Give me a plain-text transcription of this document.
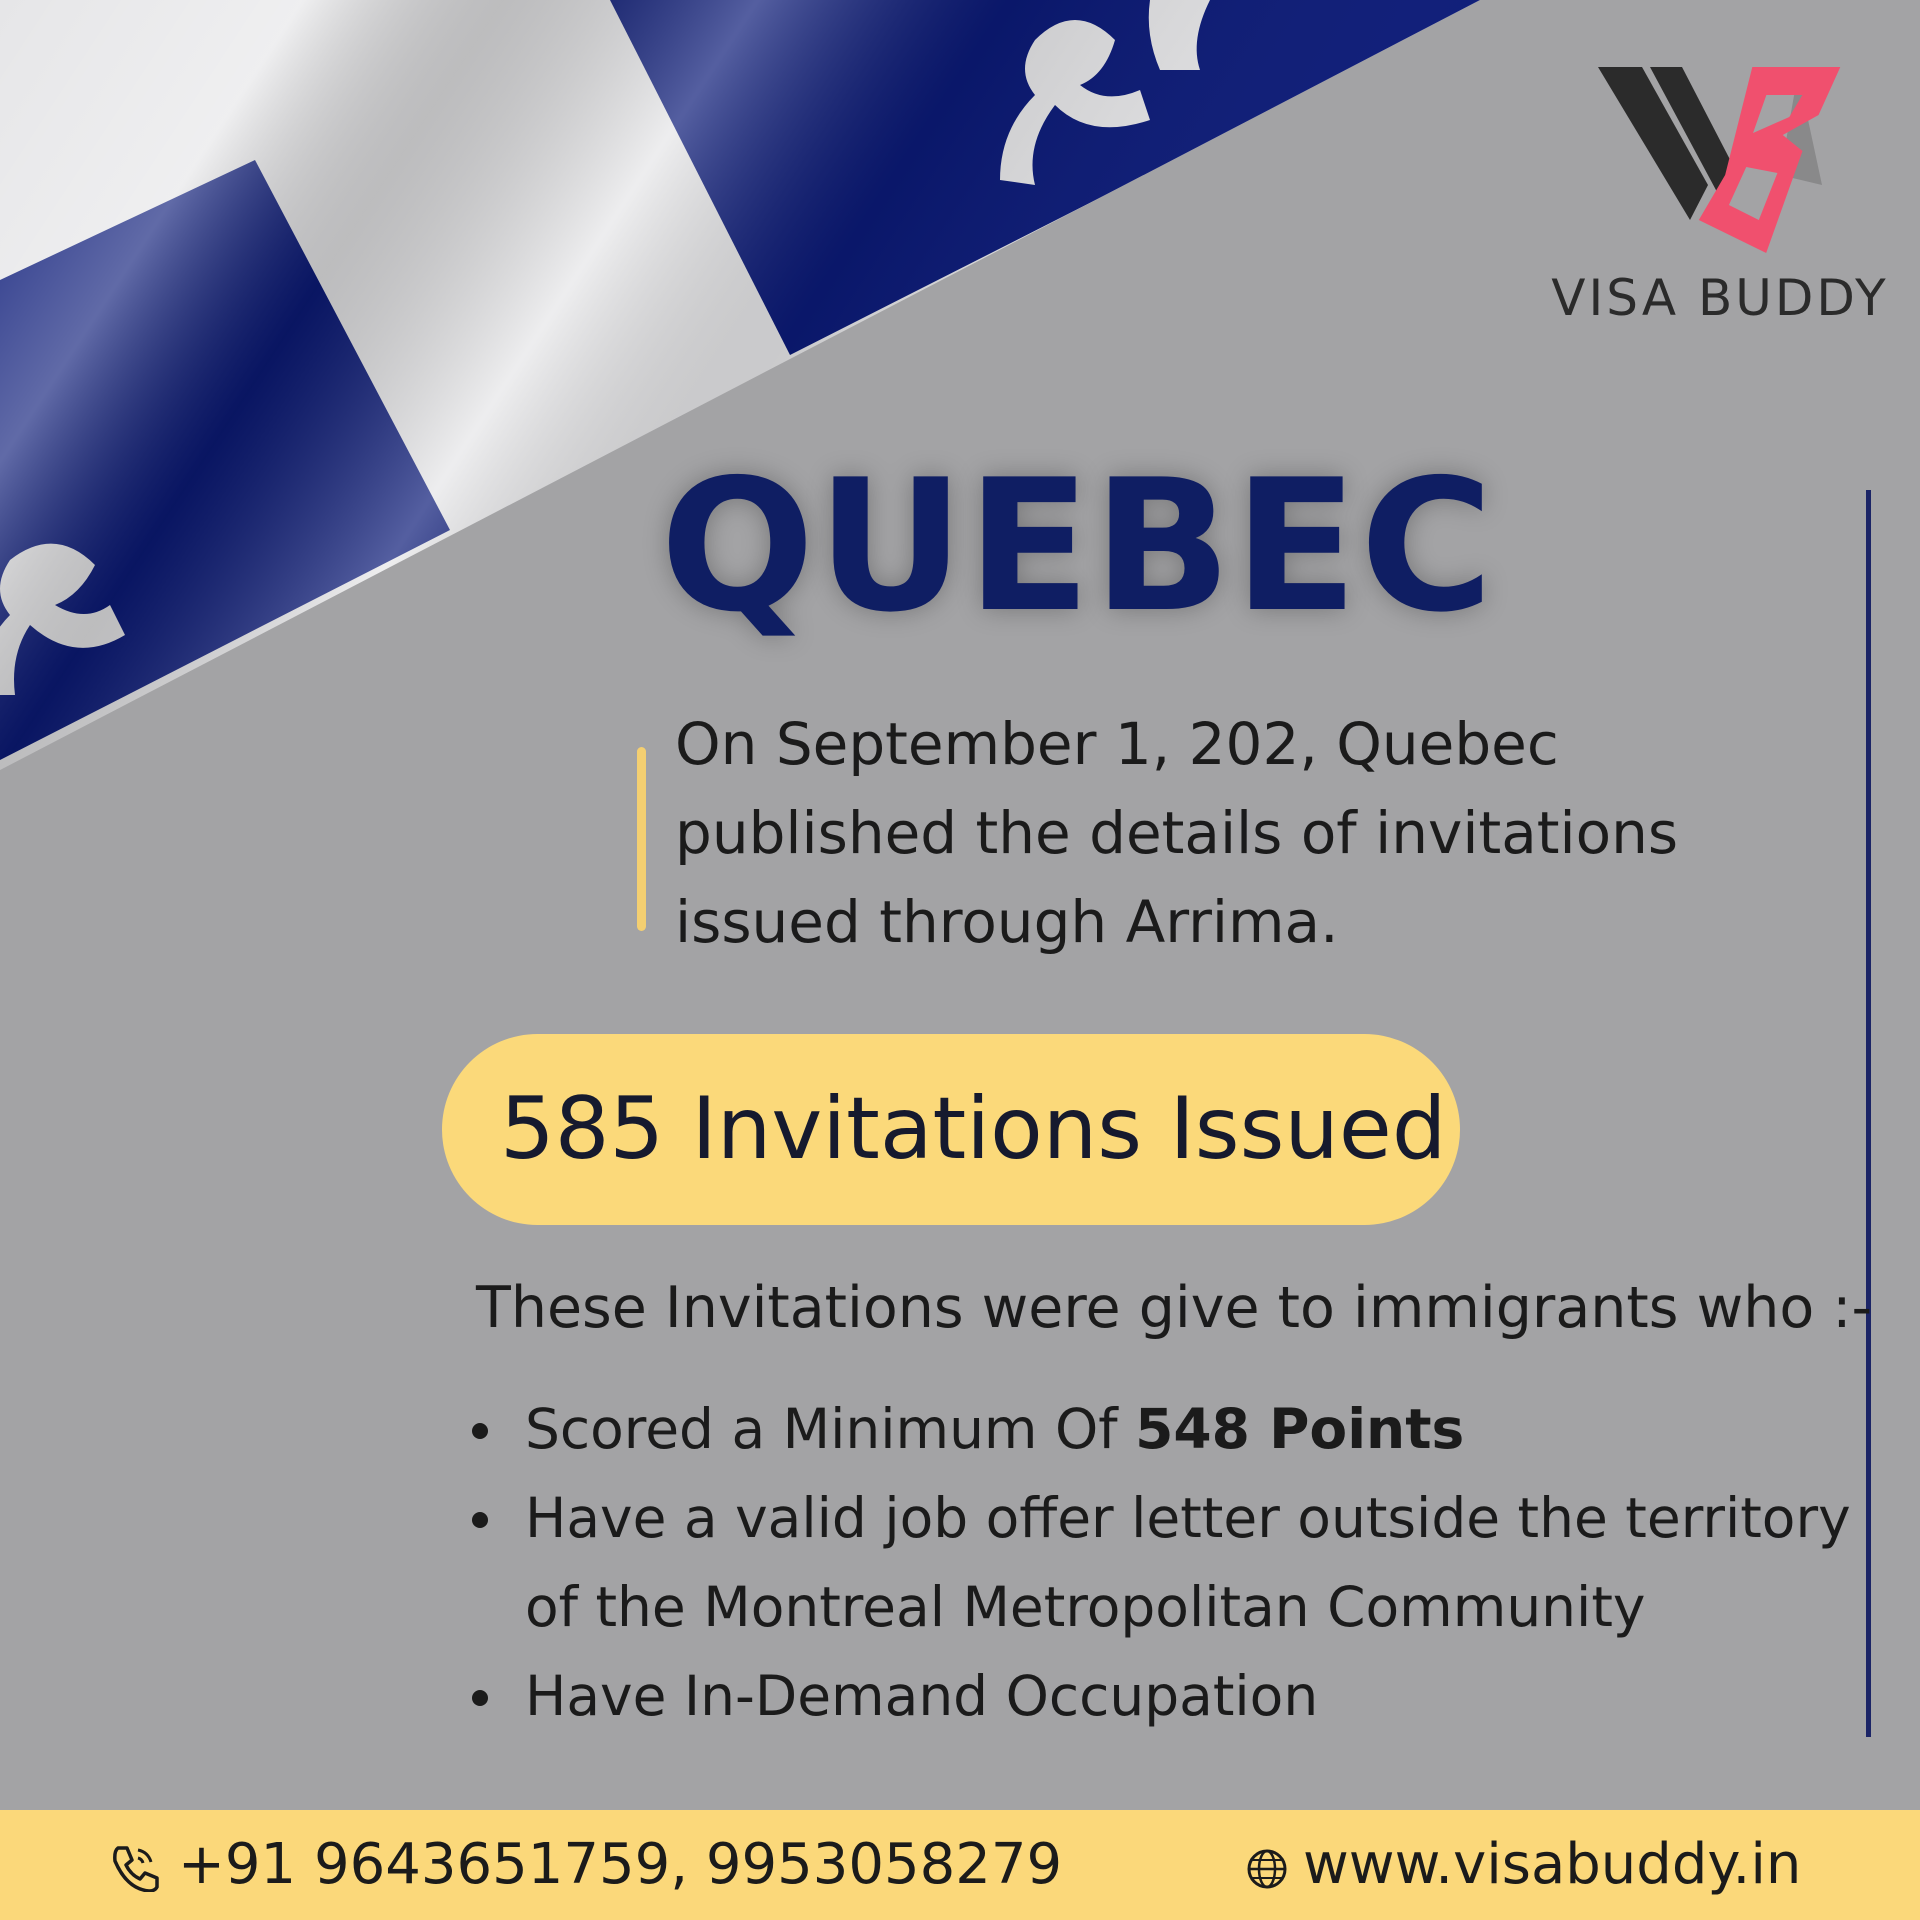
VISA BUDDY
QUEBEC
On September 1, 202, Quebec published the details of invitations issued through Arrima.
585 Invitations Issued
These Invitations were give to immigrants who :-
Scored a Minimum Of 548 Points
Have a valid job offer letter outside the territory of the Montreal Metropolitan Community
Have In-Demand Occupation
+91 9643651759, 9953058279	www.visabuddy.in
